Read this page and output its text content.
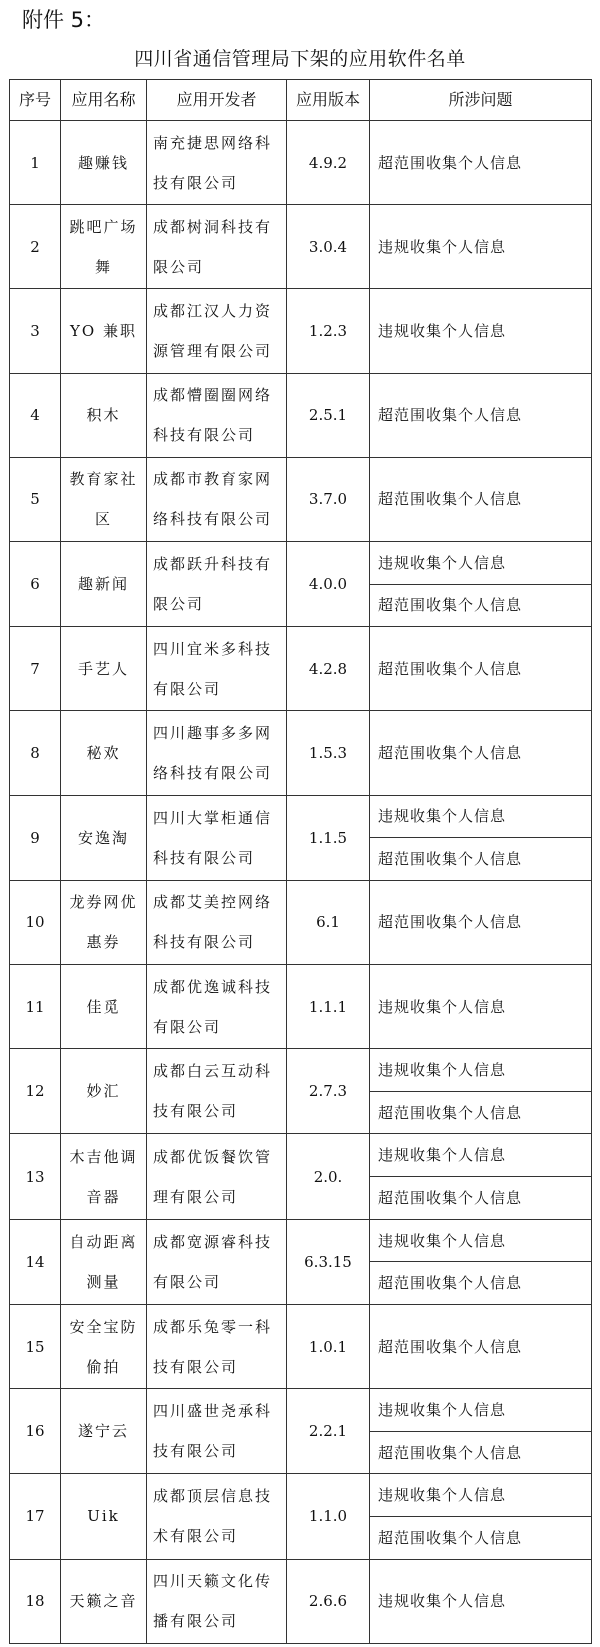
附件 5：
四川省通信管理局下架的应用软件名单
序号	应用名称	应用开发者	应用版本	所涉问题
1	趣赚钱	南充捷思网络科技有限公司	4.9.2	超范围收集个人信息
2	跳吧广场舞	成都树洞科技有限公司	3.0.4	违规收集个人信息
3	YO 兼职	成都江汉人力资源管理有限公司	1.2.3	违规收集个人信息
4	积木	成都懵圈圈网络科技有限公司	2.5.1	超范围收集个人信息
5	教育家社区	成都市教育家网络科技有限公司	3.7.0	超范围收集个人信息
6	趣新闻	成都跃升科技有限公司	4.0.0	违规收集个人信息
				超范围收集个人信息
7	手艺人	四川宜米多科技有限公司	4.2.8	超范围收集个人信息
8	秘欢	四川趣事多多网络科技有限公司	1.5.3	超范围收集个人信息
9	安逸淘	四川大掌柜通信科技有限公司	1.1.5	违规收集个人信息
				超范围收集个人信息
10	龙券网优惠券	成都艾美控网络科技有限公司	6.1	超范围收集个人信息
11	佳觅	成都优逸诚科技有限公司	1.1.1	违规收集个人信息
12	妙汇	成都白云互动科技有限公司	2.7.3	违规收集个人信息
				超范围收集个人信息
13	木吉他调音器	成都优饭餐饮管理有限公司	2.0.	违规收集个人信息
				超范围收集个人信息
14	自动距离测量	成都宽源睿科技有限公司	6.3.15	违规收集个人信息
				超范围收集个人信息
15	安全宝防偷拍	成都乐兔零一科技有限公司	1.0.1	超范围收集个人信息
16	遂宁云	四川盛世尧承科技有限公司	2.2.1	违规收集个人信息
				超范围收集个人信息
17	Uik	成都顶层信息技术有限公司	1.1.0	违规收集个人信息
				超范围收集个人信息
18	天籁之音	四川天籁文化传播有限公司	2.6.6	违规收集个人信息
